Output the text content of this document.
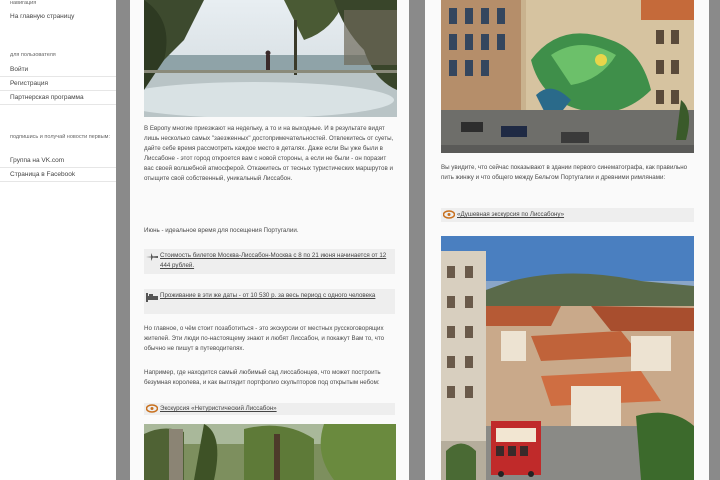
навигация
На главную страницу
для пользователя
Войти
Регистрация
Партнерская программа
подпишись и получай новости первым:
Группа на VK.com
Страница в Facebook
В Европу многие приезжают на недельку, а то и на выходные. И в результате видят лишь несколько самых "заезженных" достопримечательностей. Отвлекитесь от суеты, дайте себе время рассмотреть каждое место в деталях. Даже если Вы уже были в Лиссабоне - этот город откроется вам с новой стороны, а если не были - он поразит вас своей волшебной атмосферой. Откажитесь от тесных туристических маршрутов и отыщите свой собственный, уникальный Лиссабон.
Июнь - идеальное время для посещения Португалии.
Стоимость билетов Москва-Лиссабон-Москва с 8 по 21 июня начинается от 12 444 рублей.
Проживание в эти же даты - от 10 530 р. за весь период с одного человека
Но главное, о чём стоит позаботиться - это экскурсии от местных русскоговорящих жителей. Эти люди по-настоящему знают и любят Лиссабон, и покажут Вам то, что обычно не пишут в путеводителях.
Например, где находится самый любимый сад лиссабонцев, что может построить безумная королева, и как выглядит портфолио скульпторов под открытым небом:
Экскурсия «Нетуристический Лиссабон»
Вы увидите, что сейчас показывают в здании первого синематографа, как правильно пить жинжу и что общего между Бельгом Португалии и древними римлянами:
«Душевная экскурсия по Лиссабону»
